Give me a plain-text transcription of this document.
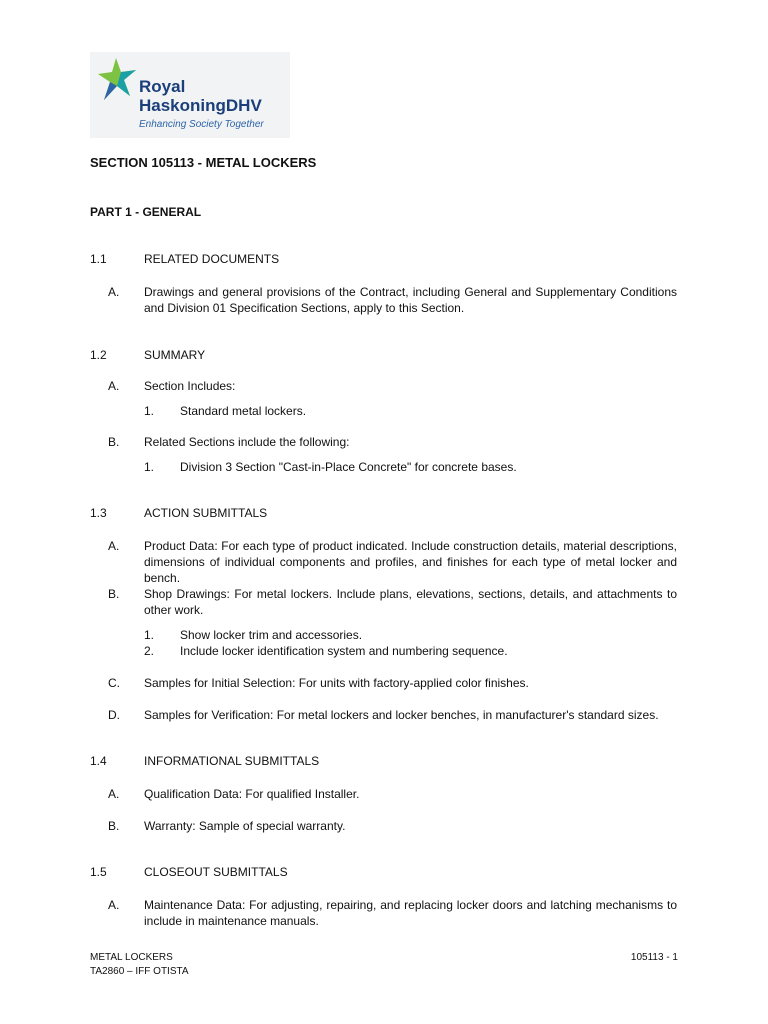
Royal
HaskoningDHV
Enhancing Society Together
SECTION 105113 - METAL LOCKERS
PART 1 - GENERAL
1.1	RELATED DOCUMENTS
A. Drawings and general provisions of the Contract, including General and Supplementary Conditions and Division 01 Specification Sections, apply to this Section.
1.2	SUMMARY
A. Section Includes:
1. Standard metal lockers.
B. Related Sections include the following:
1. Division 3 Section "Cast-in-Place Concrete" for concrete bases.
1.3	ACTION SUBMITTALS
A. Product Data: For each type of product indicated. Include construction details, material descriptions, dimensions of individual components and profiles, and finishes for each type of metal locker and bench.
B. Shop Drawings: For metal lockers. Include plans, elevations, sections, details, and attachments to other work.
1. Show locker trim and accessories.
2. Include locker identification system and numbering sequence.
C. Samples for Initial Selection: For units with factory-applied color finishes.
D. Samples for Verification: For metal lockers and locker benches, in manufacturer's standard sizes.
1.4	INFORMATIONAL SUBMITTALS
A. Qualification Data: For qualified Installer.
B. Warranty: Sample of special warranty.
1.5	CLOSEOUT SUBMITTALS
A. Maintenance Data: For adjusting, repairing, and replacing locker doors and latching mechanisms to include in maintenance manuals.
METAL LOCKERS
TA2860 – IFF OTISTA
105113 - 1
